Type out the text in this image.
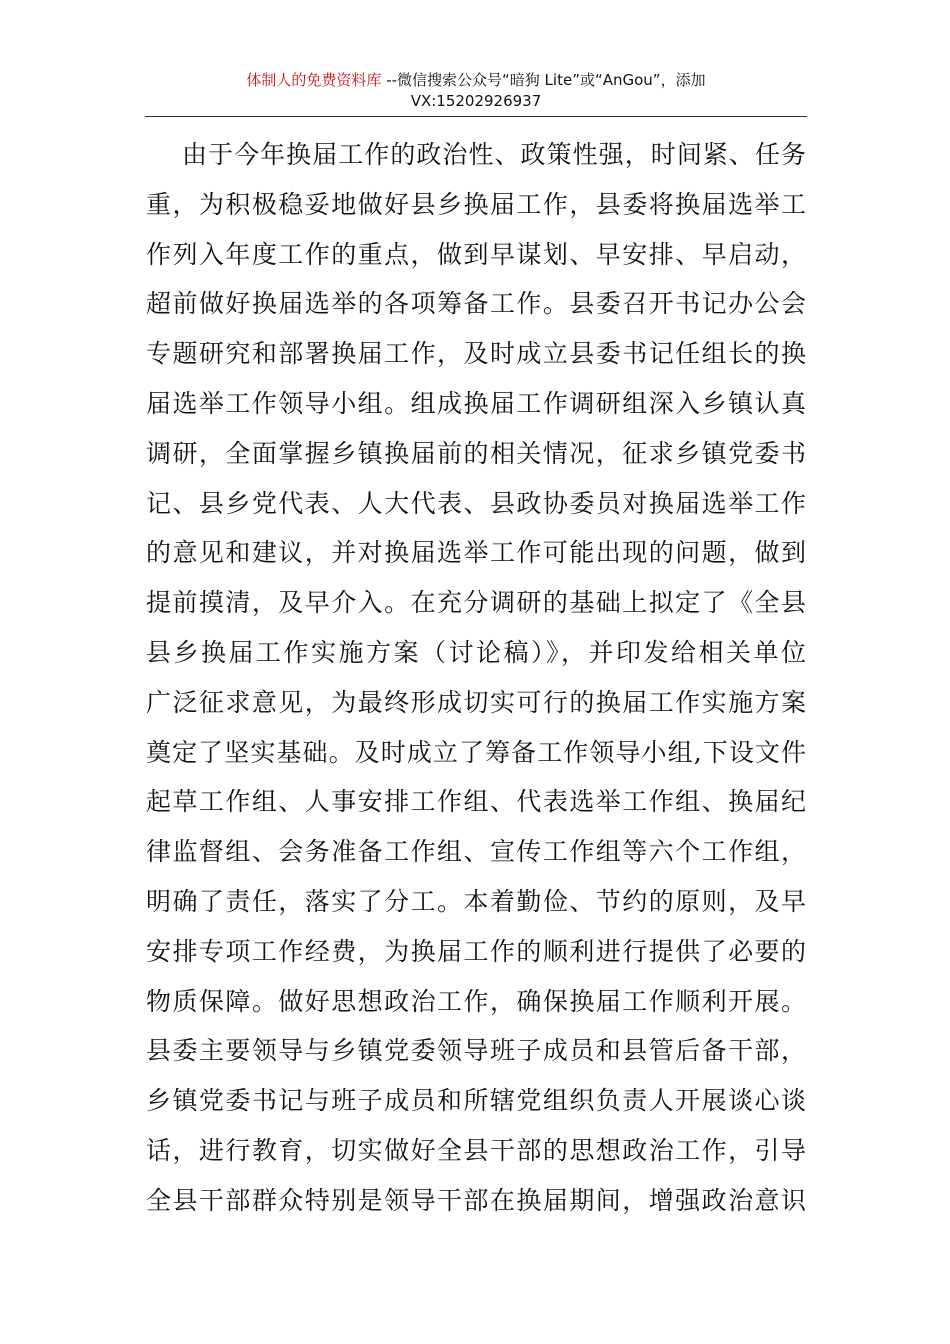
体制人的免费资料库 --微信搜索公众号“暗狗 Lite”或“AnGou”，添加
VX:15202926937
由于今年换届工作的政治性、政策性强，时间紧、任务
重，为积极稳妥地做好县乡换届工作，县委将换届选举工
作列入年度工作的重点，做到早谋划、早安排、早启动，
超前做好换届选举的各项筹备工作。县委召开书记办公会
专题研究和部署换届工作，及时成立县委书记任组长的换
届选举工作领导小组。组成换届工作调研组深入乡镇认真
调研，全面掌握乡镇换届前的相关情况，征求乡镇党委书
记、县乡党代表、人大代表、县政协委员对换届选举工作
的意见和建议，并对换届选举工作可能出现的问题，做到
提前摸清，及早介入。在充分调研的基础上拟定了《全县
县乡换届工作实施方案（讨论稿）》，并印发给相关单位
广泛征求意见，为最终形成切实可行的换届工作实施方案
奠定了坚实基础。及时成立了筹备工作领导小组,下设文件
起草工作组、人事安排工作组、代表选举工作组、换届纪
律监督组、会务准备工作组、宣传工作组等六个工作组，
明确了责任，落实了分工。本着勤俭、节约的原则，及早
安排专项工作经费，为换届工作的顺利进行提供了必要的
物质保障。做好思想政治工作，确保换届工作顺利开展。
县委主要领导与乡镇党委领导班子成员和县管后备干部，
乡镇党委书记与班子成员和所辖党组织负责人开展谈心谈
话，进行教育，切实做好全县干部的思想政治工作，引导
全县干部群众特别是领导干部在换届期间，增强政治意识
